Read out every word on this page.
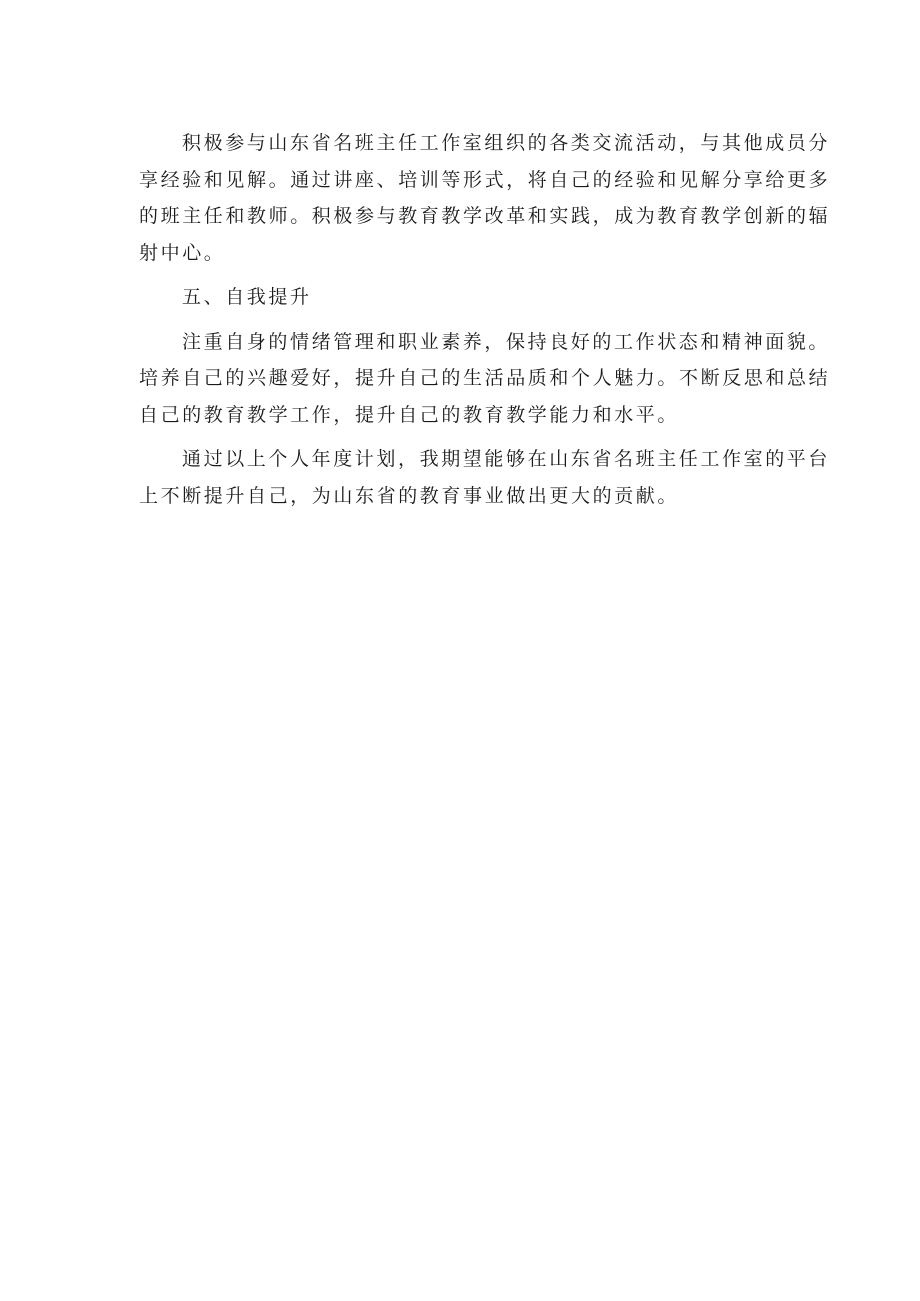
积极参与山东省名班主任工作室组织的各类交流活动，与其他成员分
享经验和见解。通过讲座、培训等形式，将自己的经验和见解分享给更多
的班主任和教师。积极参与教育教学改革和实践，成为教育教学创新的辐
射中心。
五、自我提升
注重自身的情绪管理和职业素养，保持良好的工作状态和精神面貌。
培养自己的兴趣爱好，提升自己的生活品质和个人魅力。不断反思和总结
自己的教育教学工作，提升自己的教育教学能力和水平。
通过以上个人年度计划，我期望能够在山东省名班主任工作室的平台
上不断提升自己，为山东省的教育事业做出更大的贡献。
